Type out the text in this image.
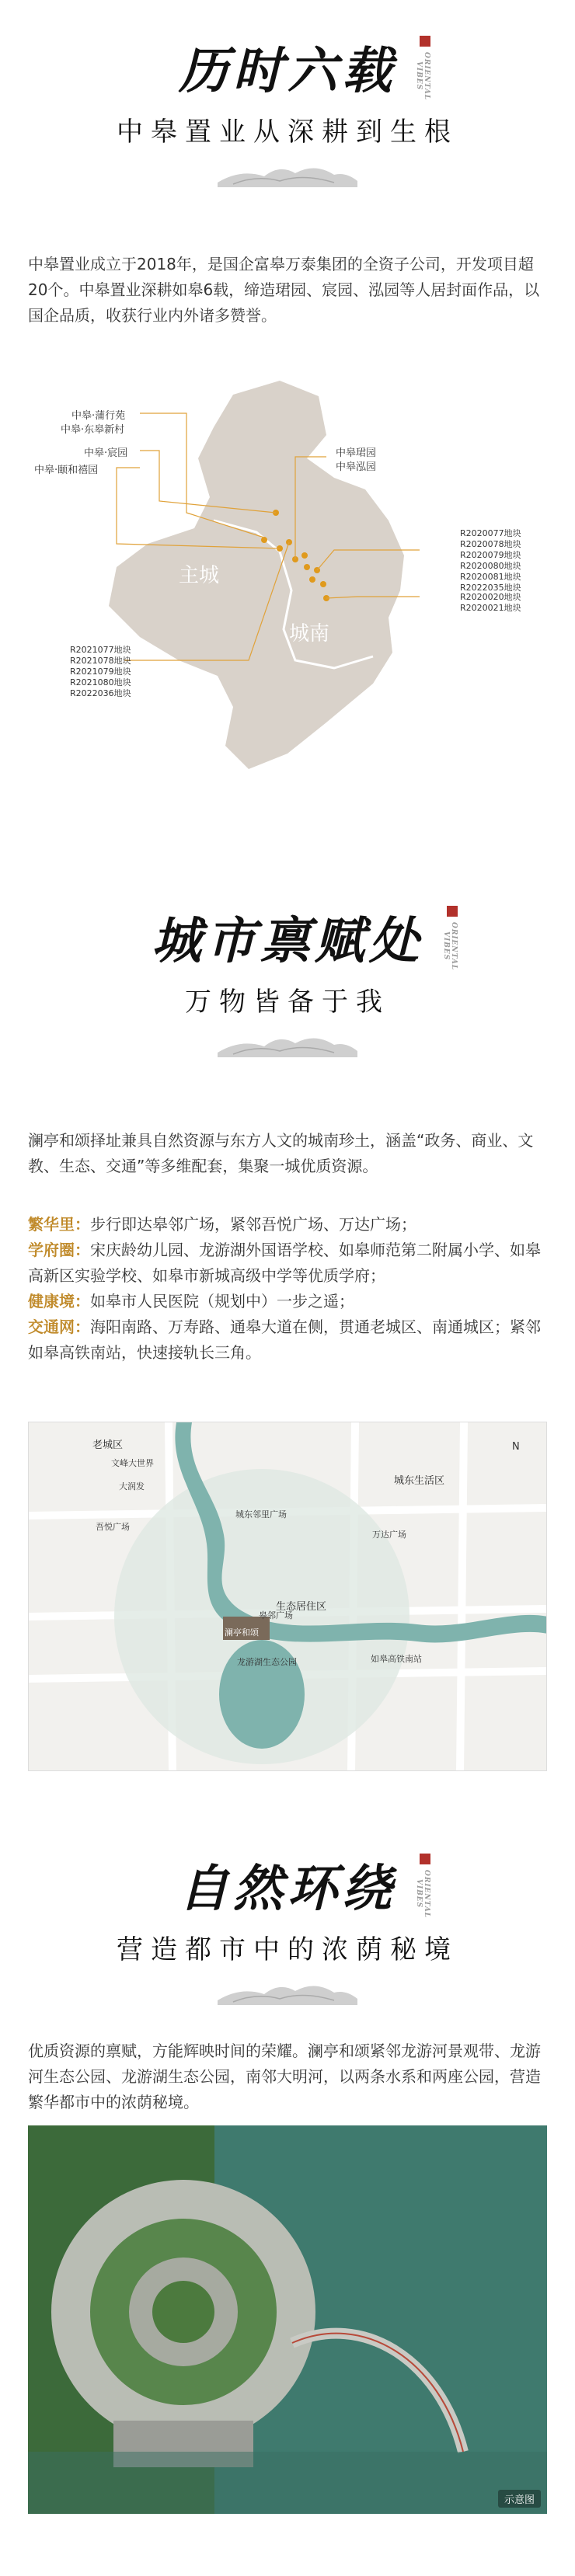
历时六载	ORIENTAL VIBES
中皋置业从深耕到生根
中皋置业成立于2018年，是国企富皋万泰集团的全资子公司，开发项目超20个。中皋置业深耕如皋6载，缔造珺园、宸园、泓园等人居封面作品，以国企品质，收获行业内外诸多赞誉。
主城
城南
中皋·蒲行苑
中皋·东皋新村
中皋·宸园
中皋·颐和禧园
中皋珺园
中皋泓园
R2020077地块
R2020078地块
R2020079地块
R2020080地块
R2020081地块
R2022035地块
R2020020地块
R2020021地块
R2021077地块
R2021078地块
R2021079地块
R2021080地块
R2022036地块
城市禀赋处	ORIENTAL VIBES
万物皆备于我
澜亭和颂择址兼具自然资源与东方人文的城南珍土，涵盖“政务、商业、文教、生态、交通”等多维配套，集聚一城优质资源。
繁华里：步行即达皋邻广场，紧邻吾悦广场、万达广场；
学府圈：宋庆龄幼儿园、龙游湖外国语学校、如皋师范第二附属小学、如皋高新区实验学校、如皋市新城高级中学等优质学府；
健康境：如皋市人民医院（规划中）一步之遥；
交通网：海阳南路、万寿路、通皋大道在侧，贯通老城区、南通城区；紧邻如皋高铁南站，快速接轨长三角。
老城区
城东生活区
生态居住区
文峰大世界
大润发
吾悦广场
城东邻里广场
万达广场
皋邻广场
龙游湖生态公园	如皋高铁南站
澜亭和颂
N
自然环绕	ORIENTAL VIBES
营造都市中的浓荫秘境
优质资源的禀赋，方能辉映时间的荣耀。澜亭和颂紧邻龙游河景观带、龙游河生态公园、龙游湖生态公园，南邻大明河，以两条水系和两座公园，营造繁华都市中的浓荫秘境。
示意图
